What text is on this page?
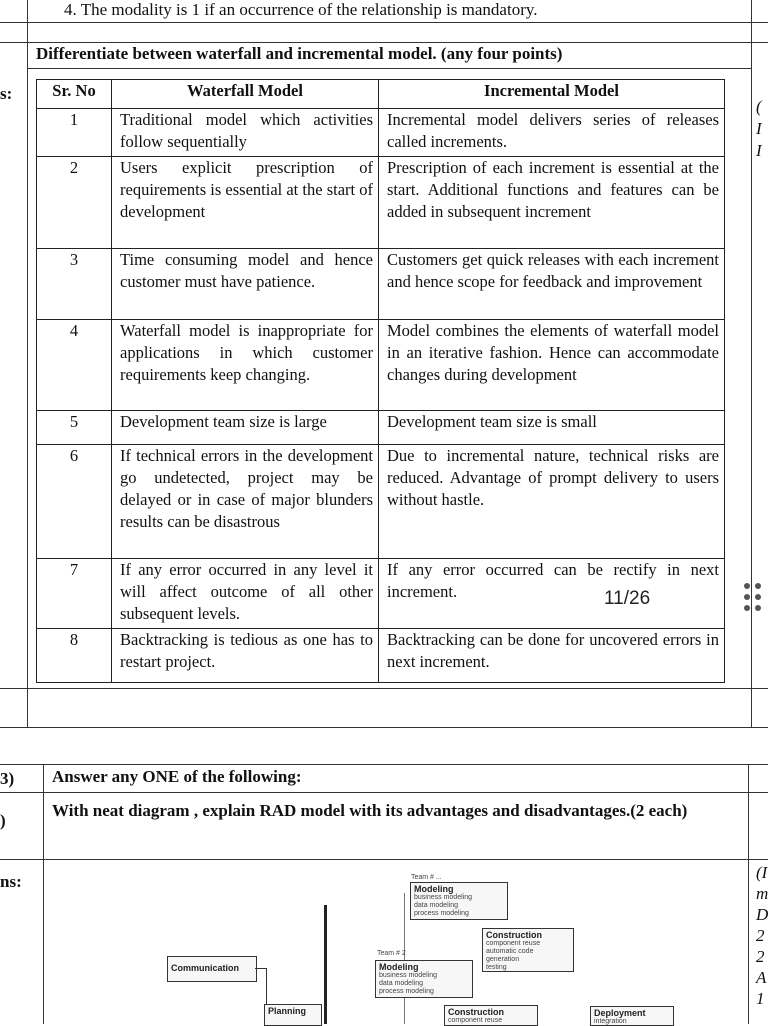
4. The modality is 1 if an occurrence of the relationship is mandatory.
Differentiate between waterfall and incremental model. (any four points)
s:
(
I
I
Sr. No	Waterfall Model	Incremental Model
1	Traditional model which activities follow sequentially	Incremental model delivers series of releases called increments.
2	Users explicit prescription of requirements is essential at the start of development	Prescription of each increment is essential at the start. Additional functions and features can be added in subsequent increment
3	Time consuming model and hence customer must have patience.	Customers get quick releases with each increment and hence scope for feedback and improvement
4	Waterfall model is inappropriate for applications in which customer requirements keep changing.	Model combines the elements of waterfall model in an iterative fashion. Hence can accommodate changes during development
5	Development team size is large	Development team size is small
6	If technical errors in the development go undetected, project may be delayed or in case of major blunders results can be disastrous	Due to incremental nature, technical risks are reduced. Advantage of prompt delivery to users without hastle.
7	If any error occurred in any level it will affect outcome of all other subsequent levels.	If any error occurred can be rectify in next increment.
8	Backtracking is tedious as one has to restart project.	Backtracking can be done for uncovered errors in next increment.
11/26
3)
)
ns:
Answer any ONE of the following:
With neat diagram , explain RAD model with its advantages and disadvantages.(2 each)
(I
m
D
2
2
A
1
Team # ...
Modeling
business modeling
data modeling
process modeling
Construction
component reuse
automatic code
generation
testing
Team # 2
Modeling
business modeling
data modeling
process modeling
Communication
Planning	Construction
component reuse
Deployment
integration
